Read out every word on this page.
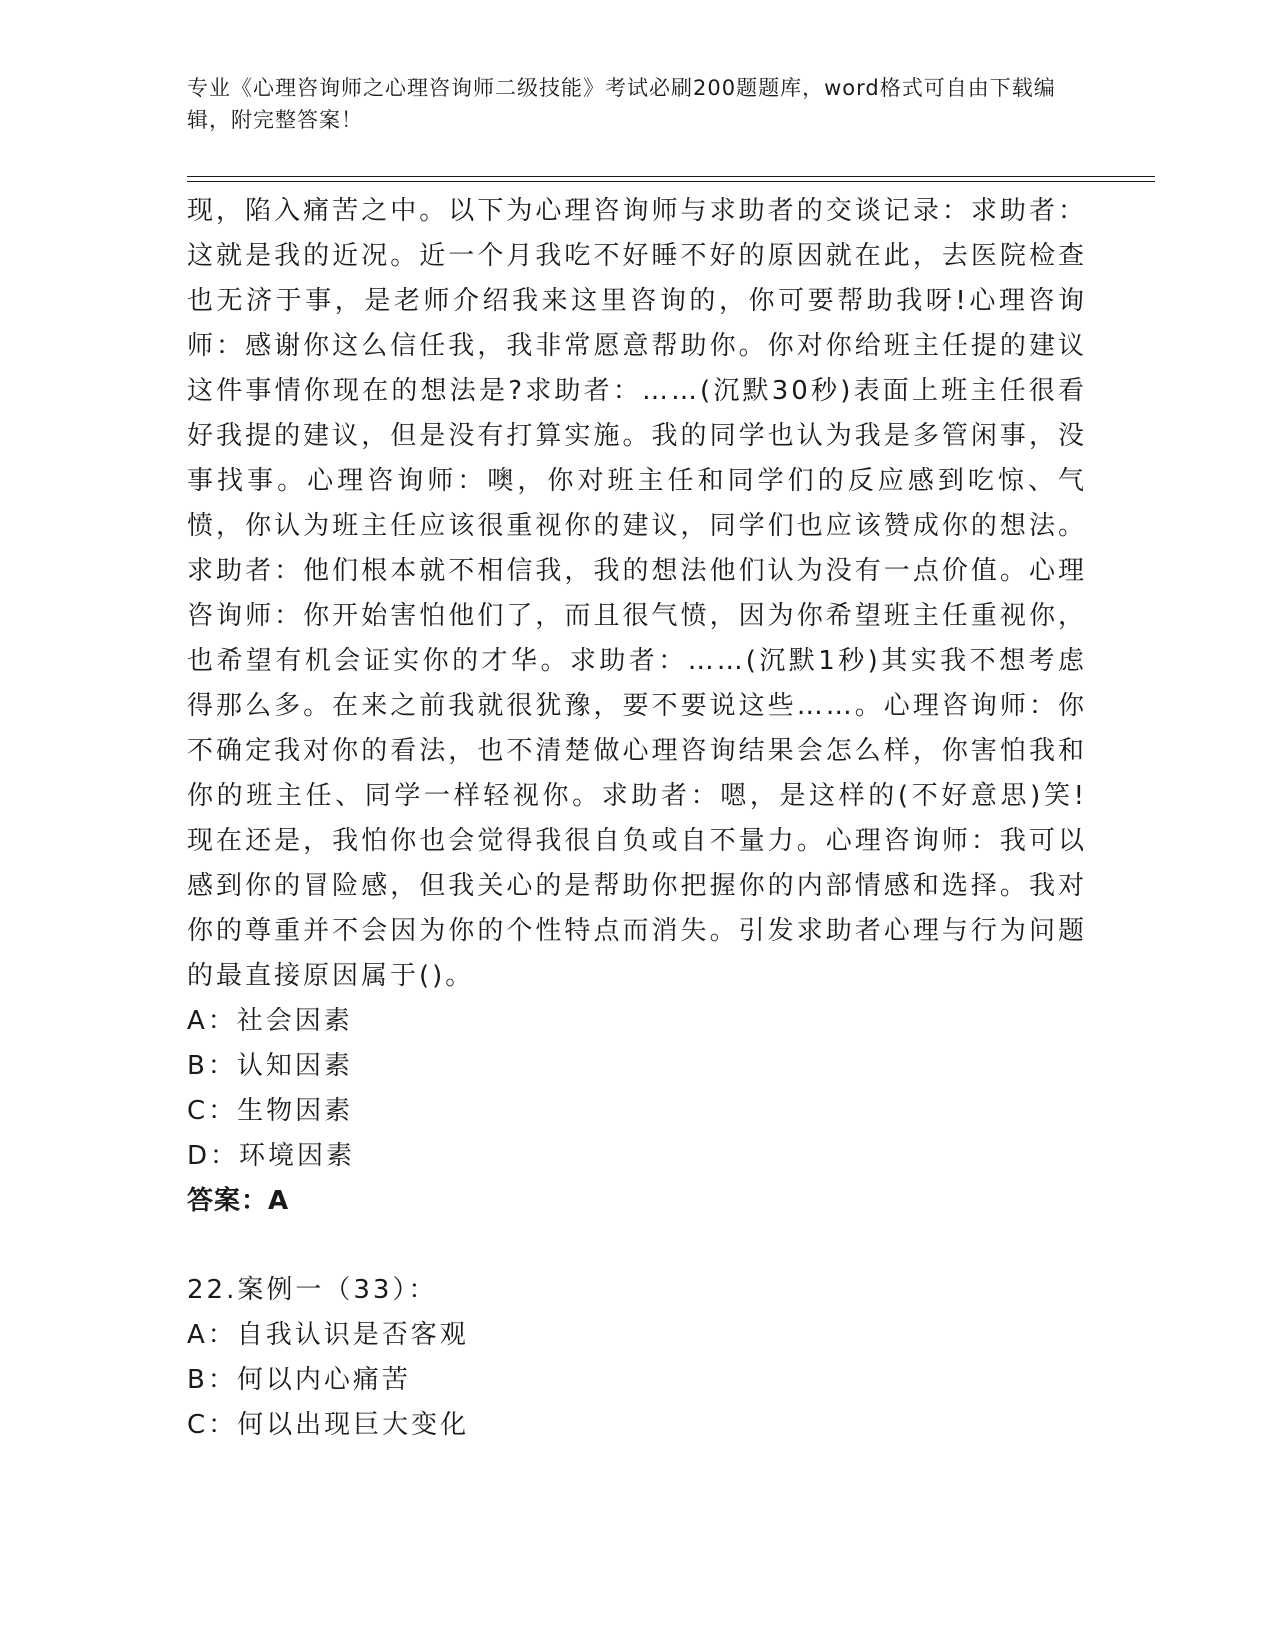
专业《心理咨询师之心理咨询师二级技能》考试必刷200题题库，word格式可自由下载编辑，附完整答案！

现，陷入痛苦之中。以下为心理咨询师与求助者的交谈记录：求助者：这就是我的近况。近一个月我吃不好睡不好的原因就在此，去医院检查也无济于事，是老师介绍我来这里咨询的，你可要帮助我呀!心理咨询师：感谢你这么信任我，我非常愿意帮助你。你对你给班主任提的建议这件事情你现在的想法是?求助者：……(沉默30秒)表面上班主任很看好我提的建议，但是没有打算实施。我的同学也认为我是多管闲事，没事找事。心理咨询师：噢，你对班主任和同学们的反应感到吃惊、气愤，你认为班主任应该很重视你的建议，同学们也应该赞成你的想法。求助者：他们根本就不相信我，我的想法他们认为没有一点价值。心理咨询师：你开始害怕他们了，而且很气愤，因为你希望班主任重视你，也希望有机会证实你的才华。求助者：……(沉默1秒)其实我不想考虑得那么多。在来之前我就很犹豫，要不要说这些……。心理咨询师：你不确定我对你的看法，也不清楚做心理咨询结果会怎么样，你害怕我和你的班主任、同学一样轻视你。求助者：嗯，是这样的(不好意思)笑!现在还是，我怕你也会觉得我很自负或自不量力。心理咨询师：我可以感到你的冒险感，但我关心的是帮助你把握你的内部情感和选择。我对你的尊重并不会因为你的个性特点而消失。引发求助者心理与行为问题的最直接原因属于()。

A：社会因素

B：认知因素

C：生物因素

D：环境因素

答案：A

22.案例一（33）：

A：自我认识是否客观

B：何以内心痛苦

C：何以出现巨大变化
